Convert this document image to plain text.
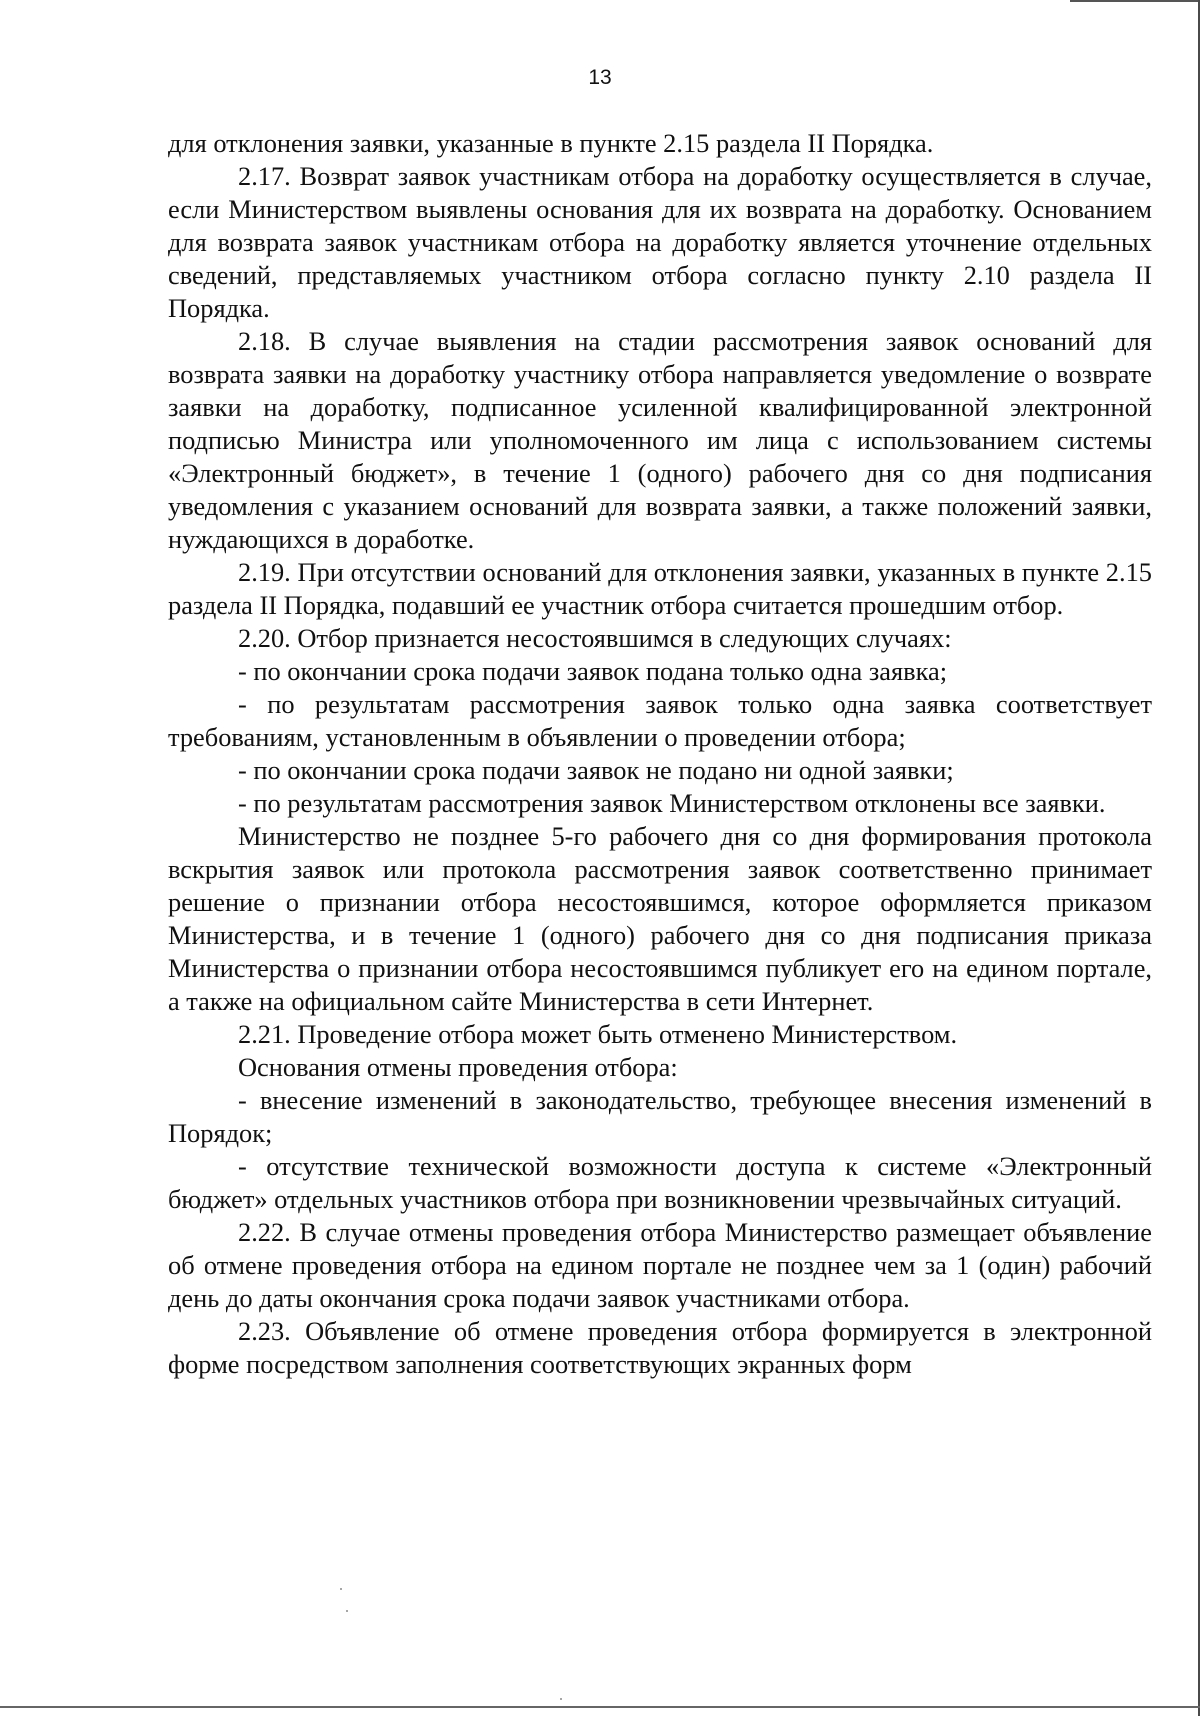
13

для отклонения заявки, указанные в пункте 2.15 раздела II Порядка.

2.17. Возврат заявок участникам отбора на доработку осуществляется в случае, если Министерством выявлены основания для их возврата на доработку. Основанием для возврата заявок участникам отбора на доработку является уточнение отдельных сведений, представляемых участником отбора согласно пункту 2.10 раздела II Порядка.

2.18. В случае выявления на стадии рассмотрения заявок оснований для возврата заявки на доработку участнику отбора направляется уведомление о возврате заявки на доработку, подписанное усиленной квалифицированной электронной подписью Министра или уполномоченного им лица с использованием системы «Электронный бюджет», в течение 1 (одного) рабочего дня со дня подписания уведомления с указанием оснований для возврата заявки, а также положений заявки, нуждающихся в доработке.

2.19. При отсутствии оснований для отклонения заявки, указанных в пункте 2.15 раздела II Порядка, подавший ее участник отбора считается прошедшим отбор.

2.20. Отбор признается несостоявшимся в следующих случаях:

- по окончании срока подачи заявок подана только одна заявка;

- по результатам рассмотрения заявок только одна заявка соответствует требованиям, установленным в объявлении о проведении отбора;

- по окончании срока подачи заявок не подано ни одной заявки;

- по результатам рассмотрения заявок Министерством отклонены все заявки.

Министерство не позднее 5-го рабочего дня со дня формирования протокола вскрытия заявок или протокола рассмотрения заявок соответственно принимает решение о признании отбора несостоявшимся, которое оформляется приказом Министерства, и в течение 1 (одного) рабочего дня со дня подписания приказа Министерства о признании отбора несостоявшимся публикует его на едином портале, а также на официальном сайте Министерства в сети Интернет.

2.21. Проведение отбора может быть отменено Министерством.

Основания отмены проведения отбора:

- внесение изменений в законодательство, требующее внесения изменений в Порядок;

- отсутствие технической возможности доступа к системе «Электронный бюджет» отдельных участников отбора при возникновении чрезвычайных ситуаций.

2.22. В случае отмены проведения отбора Министерство размещает объявление об отмене проведения отбора на едином портале не позднее чем за 1 (один) рабочий день до даты окончания срока подачи заявок участниками отбора.

2.23. Объявление об отмене проведения отбора формируется в электронной форме посредством заполнения соответствующих экранных форм
